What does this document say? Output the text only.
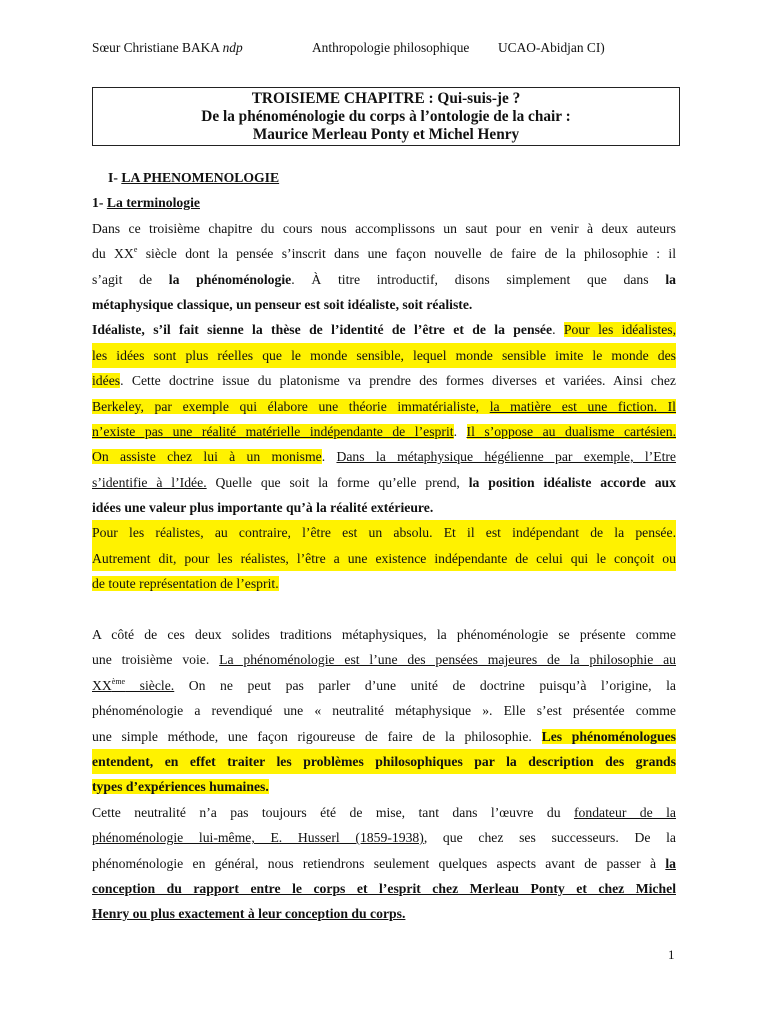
Sœur Christiane BAKA ndp	Anthropologie philosophique UCAO-Abidjan CI)
TROISIEME CHAPITRE : Qui-suis-je ?
De la phénoménologie du corps à l’ontologie de la chair :
Maurice Merleau Ponty et Michel Henry
I- LA PHENOMENOLOGIE
1- La terminologie
Dans ce troisième chapitre du cours nous accomplissons un saut pour en venir à deux auteurs
du XXe siècle dont la pensée s’inscrit dans une façon nouvelle de faire de la philosophie : il
s’agit de la phénoménologie. À titre introductif, disons simplement que dans la
métaphysique classique, un penseur est soit idéaliste, soit réaliste.
Idéaliste, s’il fait sienne la thèse de l’identité de l’être et de la pensée. Pour les idéalistes,
les idées sont plus réelles que le monde sensible, lequel monde sensible imite le monde des
idées. Cette doctrine issue du platonisme va prendre des formes diverses et variées. Ainsi chez
Berkeley, par exemple qui élabore une théorie immatérialiste, la matière est une fiction. Il
n’existe pas une réalité matérielle indépendante de l’esprit. Il s’oppose au dualisme cartésien.
On assiste chez lui à un monisme. Dans la métaphysique hégélienne par exemple, l’Etre
s’identifie à l’Idée. Quelle que soit la forme qu’elle prend, la position idéaliste accorde aux
idées une valeur plus importante qu’à la réalité extérieure.
Pour les réalistes, au contraire, l’être est un absolu. Et il est indépendant de la pensée.
Autrement dit, pour les réalistes, l’être a une existence indépendante de celui qui le conçoit ou
de toute représentation de l’esprit.
A côté de ces deux solides traditions métaphysiques, la phénoménologie se présente comme
une troisième voie. La phénoménologie est l’une des pensées majeures de la philosophie au
XXème siècle. On ne peut pas parler d’une unité de doctrine puisqu’à l’origine, la
phénoménologie a revendiqué une « neutralité métaphysique ». Elle s’est présentée comme
une simple méthode, une façon rigoureuse de faire de la philosophie. Les phénoménologues
entendent, en effet traiter les problèmes philosophiques par la description des grands
types d’expériences humaines.
Cette neutralité n’a pas toujours été de mise, tant dans l’œuvre du fondateur de la
phénoménologie lui-même, E. Husserl (1859-1938), que chez ses successeurs. De la
phénoménologie en général, nous retiendrons seulement quelques aspects avant de passer à la
conception du rapport entre le corps et l’esprit chez Merleau Ponty et chez Michel
Henry ou plus exactement à leur conception du corps.
1
